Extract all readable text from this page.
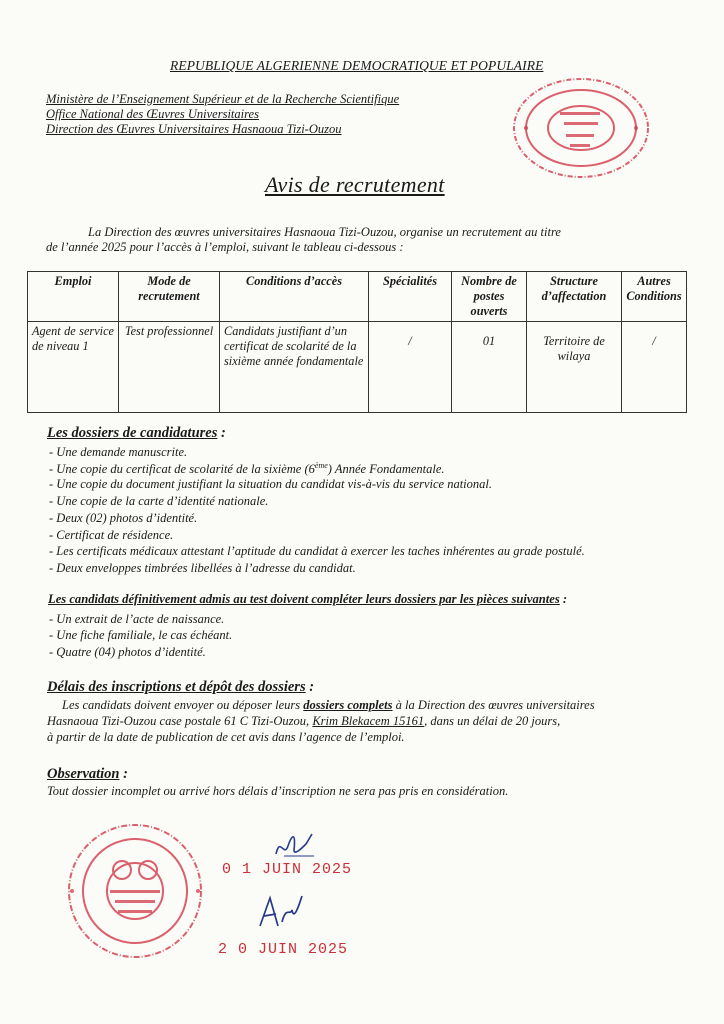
REPUBLIQUE ALGERIENNE DEMOCRATIQUE ET POPULAIRE
Ministère de l’Enseignement Supérieur et de la Recherche Scientifique
Office National des Œuvres Universitaires
Direction des Œuvres Universitaires Hasnaoua Tizi-Ouzou
Avis de recrutement
La Direction des œuvres universitaires Hasnaoua Tizi-Ouzou, organise un recrutement au titre
de l’année 2025 pour l’accès à l’emploi, suivant le tableau ci-dessous :
Emploi	Mode de recrutement	Conditions d’accès	Spécialités	Nombre de postes ouverts	Structure d’affectation	Autres Conditions
Agent de service de niveau 1	Test professionnel	Candidats justifiant d’un certificat de scolarité de la sixième année fondamentale	/	01	Territoire de wilaya	/
Les dossiers de candidatures :
- Une demande manuscrite.
- Une copie du certificat de scolarité de la sixième (6ème) Année Fondamentale.
- Une copie du document justifiant la situation du candidat vis-à-vis du service national.
- Une copie de la carte d’identité nationale.
- Deux (02) photos d’identité.
- Certificat de résidence.
- Les certificats médicaux attestant l’aptitude du candidat à exercer les taches inhérentes au grade postulé.
- Deux enveloppes timbrées libellées à l’adresse du candidat.
Les candidats définitivement admis au test doivent compléter leurs dossiers par les pièces suivantes :
- Un extrait de l’acte de naissance.
- Une fiche familiale, le cas échéant.
- Quatre (04) photos d’identité.
Délais des inscriptions et dépôt des dossiers :
Les candidats doivent envoyer ou déposer leurs dossiers complets à la Direction des œuvres universitaires
Hasnaoua Tizi-Ouzou case postale 61 C Tizi-Ouzou, Krim Blekacem 15161, dans un délai de 20 jours,
à partir de la date de publication de cet avis dans l’agence de l’emploi.
Observation :
Tout dossier incomplet ou arrivé hors délais d’inscription ne sera pas pris en considération.
0 1 JUIN 2025
2 0 JUIN 2025
